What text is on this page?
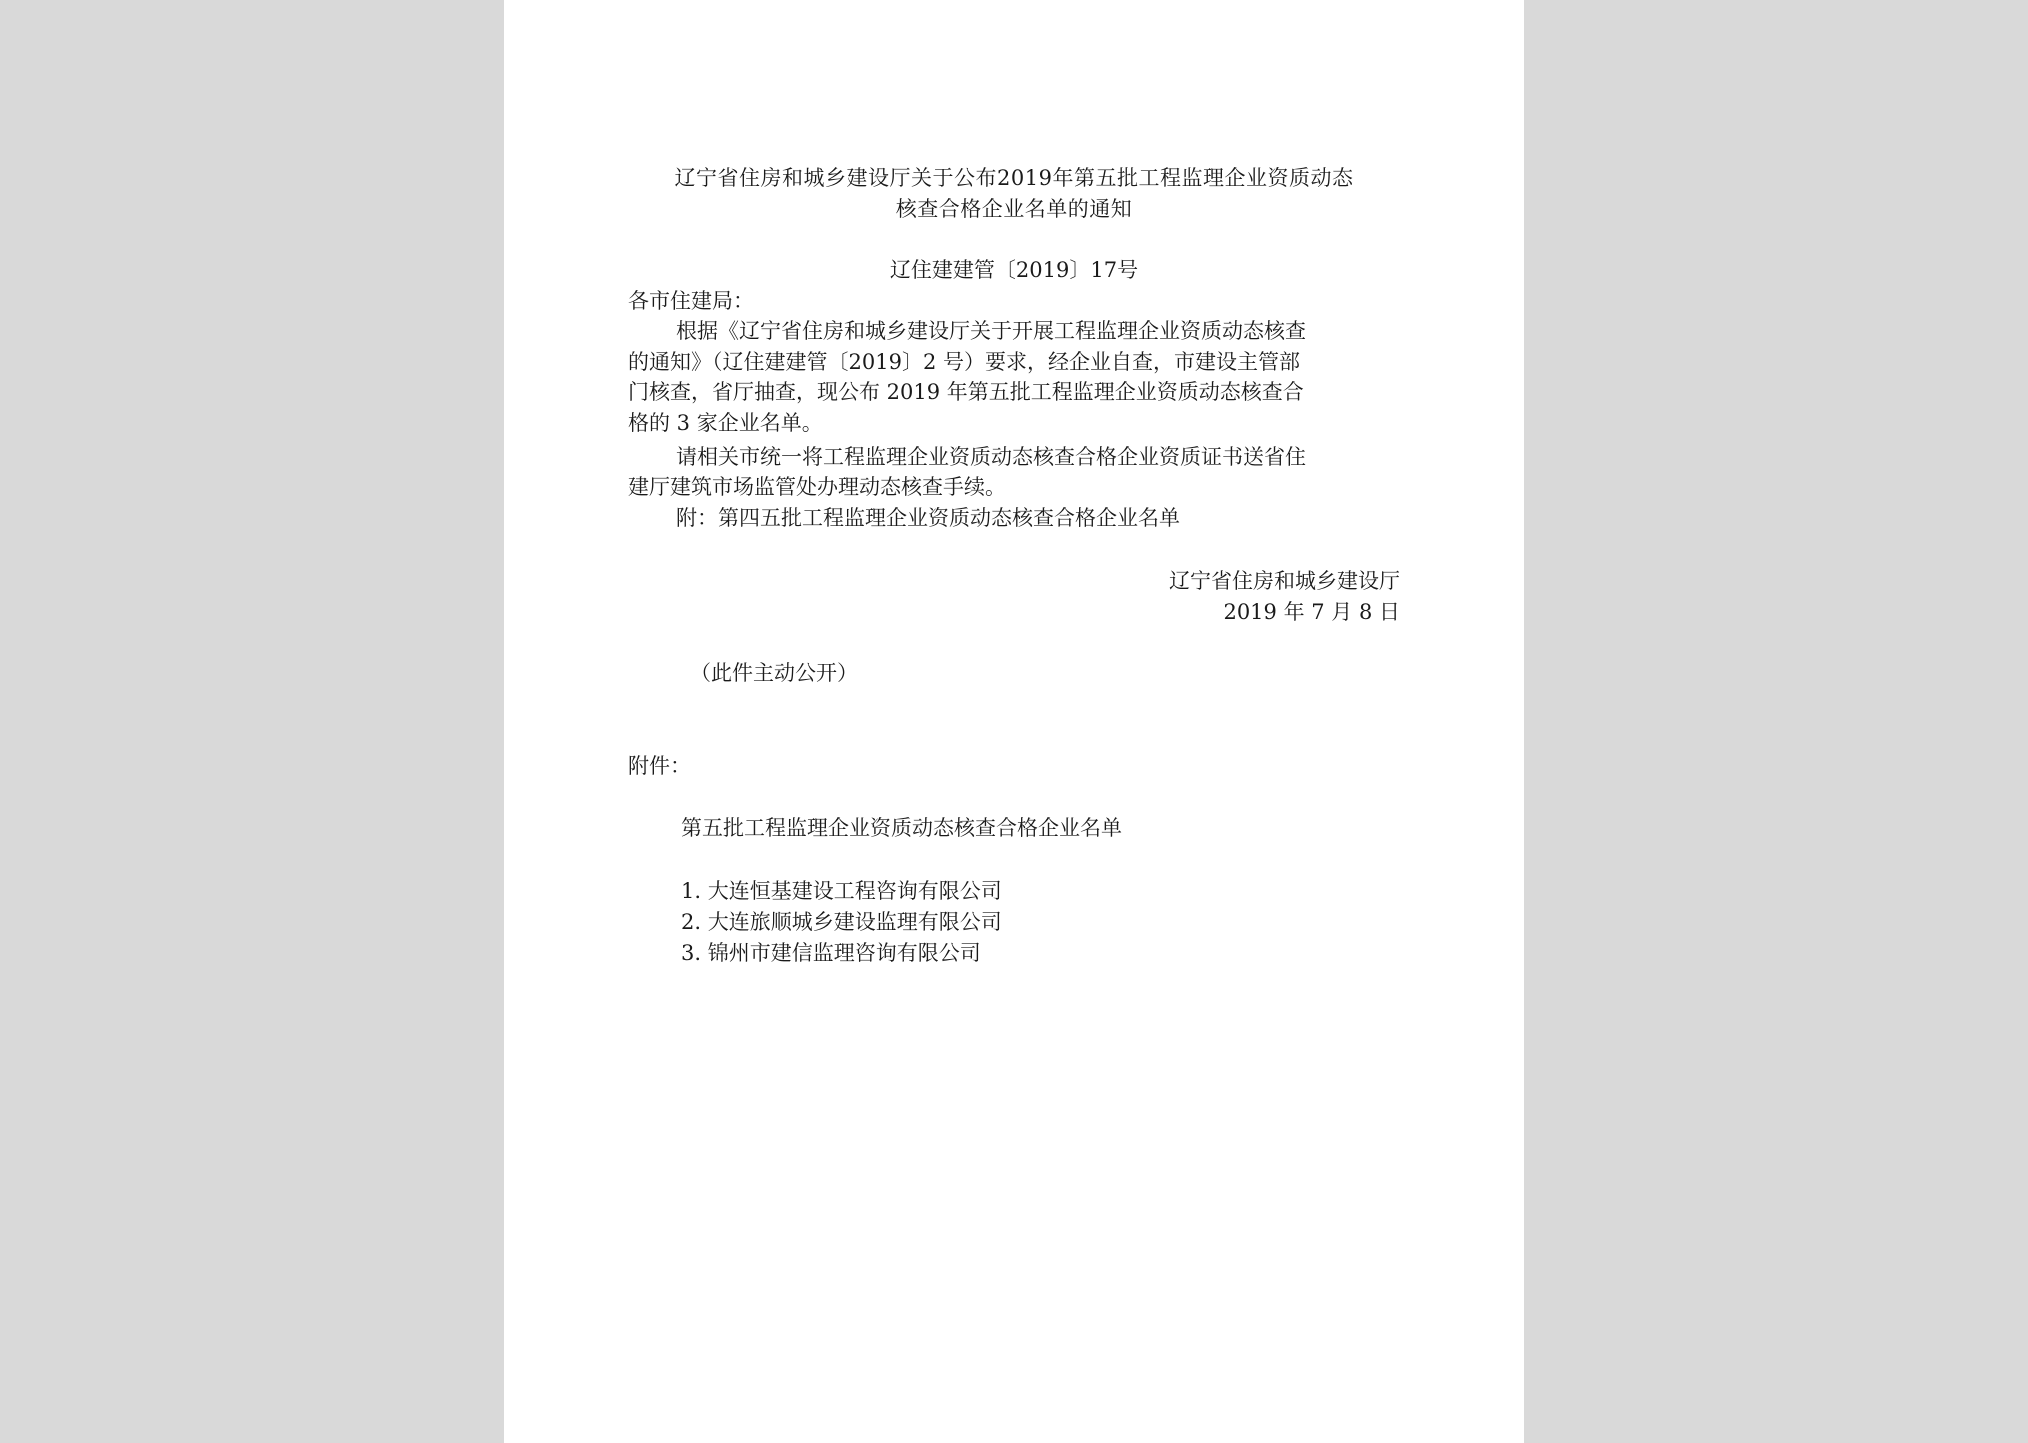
辽宁省住房和城乡建设厅关于公布2019年第五批工程监理企业资质动态
核查合格企业名单的通知
辽住建建管〔2019〕17号
各市住建局：
根据《辽宁省住房和城乡建设厅关于开展工程监理企业资质动态核查
的通知》（辽住建建管〔2019〕2 号）要求，经企业自查，市建设主管部
门核查，省厅抽查，现公布 2019 年第五批工程监理企业资质动态核查合
格的 3 家企业名单。
请相关市统一将工程监理企业资质动态核查合格企业资质证书送省住
建厅建筑市场监管处办理动态核查手续。
附：第四五批工程监理企业资质动态核查合格企业名单
辽宁省住房和城乡建设厅
2019 年 7 月 8 日
（此件主动公开）
附件：
第五批工程监理企业资质动态核查合格企业名单
1. 大连恒基建设工程咨询有限公司
2. 大连旅顺城乡建设监理有限公司
3. 锦州市建信监理咨询有限公司
